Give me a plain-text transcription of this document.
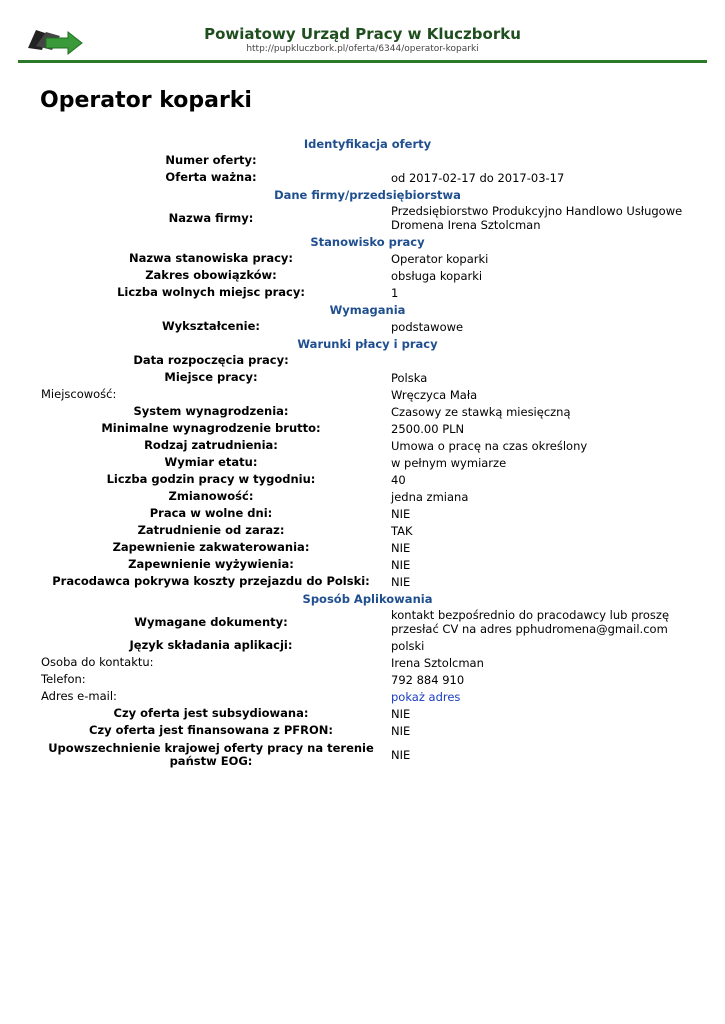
Powiatowy Urząd Pracy w Kluczborku
http://pupkluczbork.pl/oferta/6344/operator-koparki
Operator koparki
Identyfikacja oferty
Numer oferty:
Oferta ważna:	od 2017-02-17 do 2017-03-17
Dane firmy/przedsiębiorstwa
Nazwa firmy:	Przedsiębiorstwo Produkcyjno Handlowo Usługowe Dromena Irena Sztolcman
Stanowisko pracy
Nazwa stanowiska pracy:	Operator koparki
Zakres obowiązków:	obsługa koparki
Liczba wolnych miejsc pracy:	1
Wymagania
Wykształcenie:	podstawowe
Warunki płacy i pracy
Data rozpoczęcia pracy:
Miejsce pracy:	Polska
Miejscowość:	Wręczyca Mała
System wynagrodzenia:	Czasowy ze stawką miesięczną
Minimalne wynagrodzenie brutto:	2500.00 PLN
Rodzaj zatrudnienia:	Umowa o pracę na czas określony
Wymiar etatu:	w pełnym wymiarze
Liczba godzin pracy w tygodniu:	40
Zmianowość:	jedna zmiana
Praca w wolne dni:	NIE
Zatrudnienie od zaraz:	TAK
Zapewnienie zakwaterowania:	NIE
Zapewnienie wyżywienia:	NIE
Pracodawca pokrywa koszty przejazdu do Polski:	NIE
Sposób Aplikowania
Wymagane dokumenty:	kontakt bezpośrednio do pracodawcy lub proszę przesłać CV na adres pphudromena@gmail.com
Język składania aplikacji:	polski
Osoba do kontaktu:	Irena Sztolcman
Telefon:	792 884 910
Adres e-mail:	pokaż adres
Czy oferta jest subsydiowana:	NIE
Czy oferta jest finansowana z PFRON:	NIE
Upowszechnienie krajowej oferty pracy na terenie państw EOG:	NIE
